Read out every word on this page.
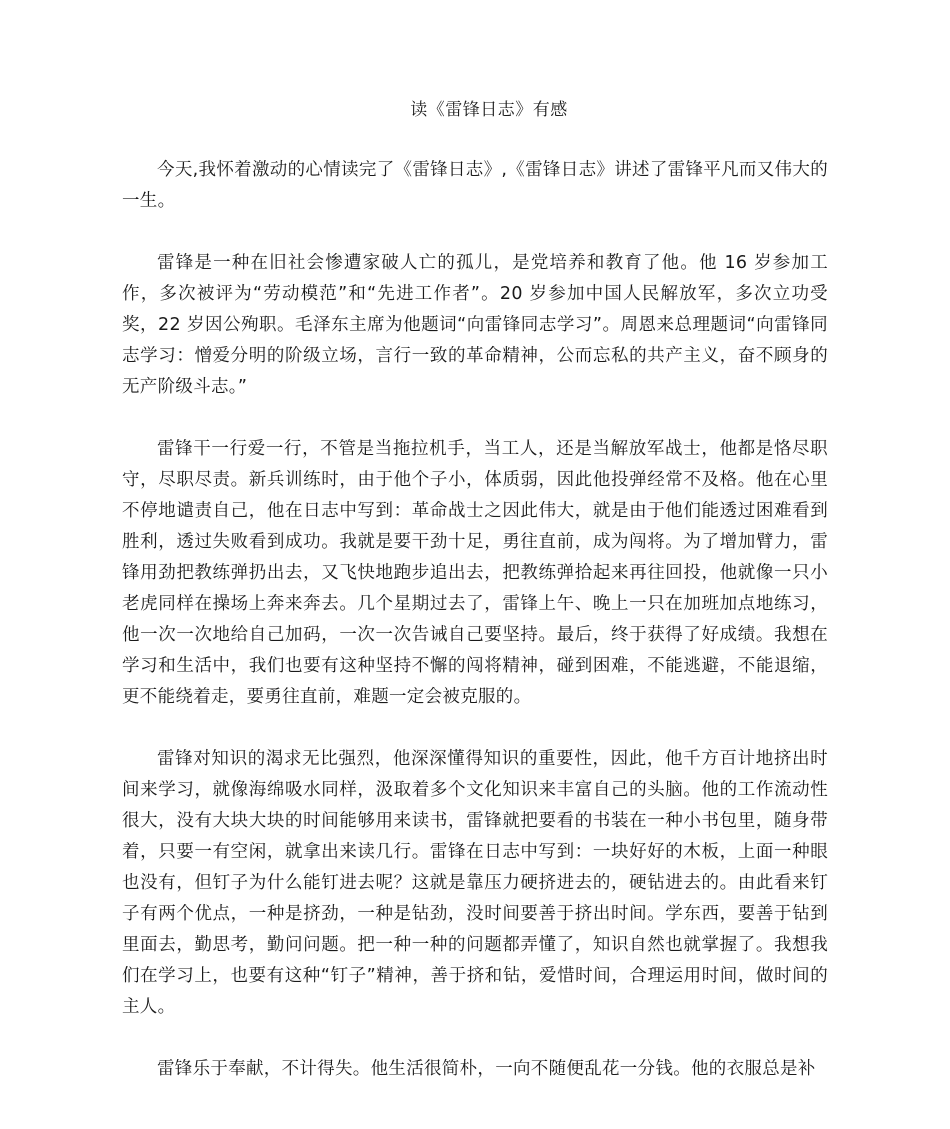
读《雷锋日志》有感

今天,我怀着激动的心情读完了《雷锋日志》,《雷锋日志》讲述了雷锋平凡而又伟大的一生。

雷锋是一种在旧社会惨遭家破人亡的孤儿，是党培养和教育了他。他 16 岁参加工作，多次被评为“劳动模范”和“先进工作者”。20 岁参加中国人民解放军，多次立功受奖，22 岁因公殉职。毛泽东主席为他题词“向雷锋同志学习”。周恩来总理题词“向雷锋同志学习：憎爱分明的阶级立场，言行一致的革命精神，公而忘私的共产主义，奋不顾身的无产阶级斗志。”

雷锋干一行爱一行，不管是当拖拉机手，当工人，还是当解放军战士，他都是恪尽职守，尽职尽责。新兵训练时，由于他个子小，体质弱，因此他投弹经常不及格。他在心里不停地谴责自己，他在日志中写到：革命战士之因此伟大，就是由于他们能透过困难看到胜利，透过失败看到成功。我就是要干劲十足，勇往直前，成为闯将。为了增加臂力，雷锋用劲把教练弹扔出去，又飞快地跑步追出去，把教练弹拾起来再往回投，他就像一只小老虎同样在操场上奔来奔去。几个星期过去了，雷锋上午、晚上一只在加班加点地练习，他一次一次地给自己加码，一次一次告诫自己要坚持。最后，终于获得了好成绩。我想在学习和生活中，我们也要有这种坚持不懈的闯将精神，碰到困难，不能逃避，不能退缩，更不能绕着走，要勇往直前，难题一定会被克服的。

雷锋对知识的渴求无比强烈，他深深懂得知识的重要性，因此，他千方百计地挤出时间来学习，就像海绵吸水同样，汲取着多个文化知识来丰富自己的头脑。他的工作流动性很大，没有大块大块的时间能够用来读书，雷锋就把要看的书装在一种小书包里，随身带着，只要一有空闲，就拿出来读几行。雷锋在日志中写到：一块好好的木板，上面一种眼也没有，但钉子为什么能钉进去呢？这就是靠压力硬挤进去的，硬钻进去的。由此看来钉子有两个优点，一种是挤劲，一种是钻劲，没时间要善于挤出时间。学东西，要善于钻到里面去，勤思考，勤问问题。把一种一种的问题都弄懂了，知识自然也就掌握了。我想我们在学习上，也要有这种“钉子”精神，善于挤和钻，爱惜时间，合理运用时间，做时间的主人。

雷锋乐于奉献，不计得失。他生活很简朴，一向不随便乱花一分钱。他的衣服总是补
